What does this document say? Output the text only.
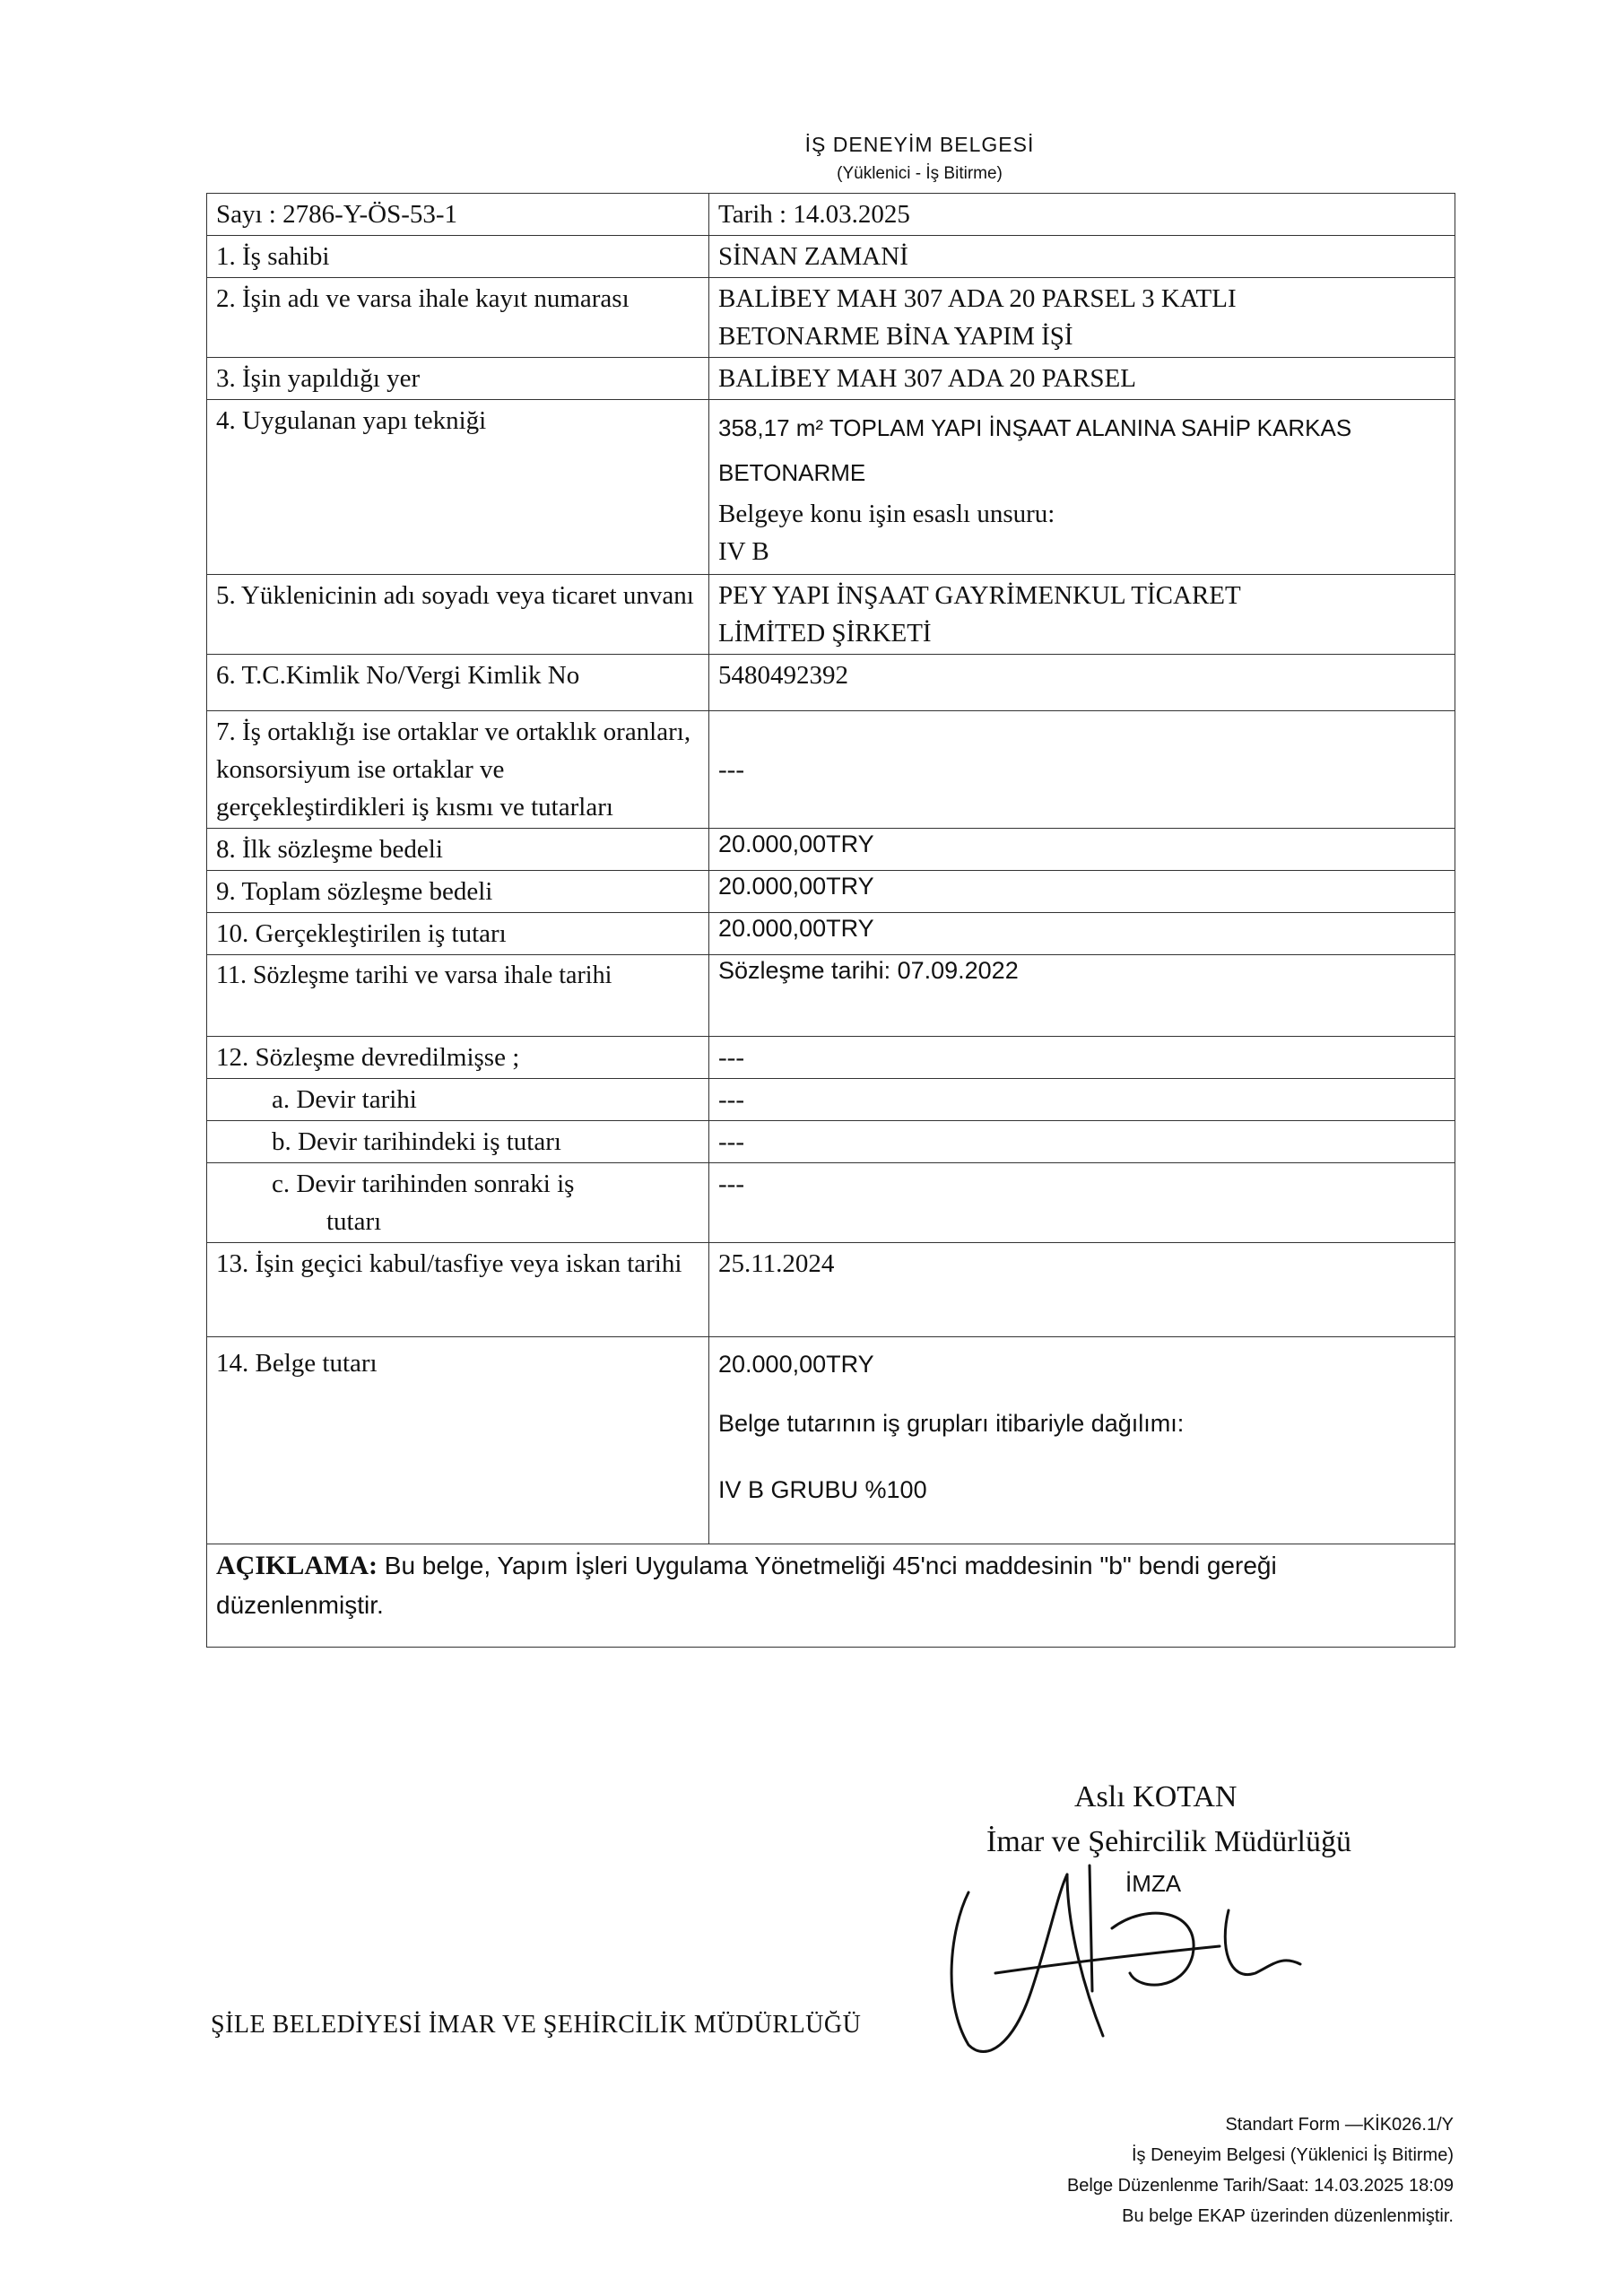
İŞ DENEYİM BELGESİ
(Yüklenici - İş Bitirme)
Sayı : 2786-Y-ÖS-53-1	Tarih : 14.03.2025
1. İş sahibi	SİNAN ZAMANİ
2. İşin adı ve varsa ihale kayıt numarası	BALİBEY MAH 307 ADA 20 PARSEL 3 KATLI BETONARME BİNA YAPIM İŞİ
3. İşin yapıldığı yer	BALİBEY MAH 307 ADA 20 PARSEL
4. Uygulanan yapı tekniği	358,17 m² TOPLAM YAPI İNŞAAT ALANINA SAHİP KARKAS BETONARME
Belgeye konu işin esaslı unsuru:
IV B

5. Yüklenicinin adı soyadı veya ticaret unvanı	PEY YAPI İNŞAAT GAYRİMENKUL TİCARET LİMİTED ŞİRKETİ
6. T.C.Kimlik No/Vergi Kimlik No	5480492392
7. İş ortaklığı ise ortaklar ve ortaklık oranları, konsorsiyum ise ortaklar ve gerçekleştirdikleri iş kısmı ve tutarları	---
8. İlk sözleşme bedeli	20.000,00TRY
9. Toplam sözleşme bedeli	20.000,00TRY
10. Gerçekleştirilen iş tutarı	20.000,00TRY
11. Sözleşme tarihi ve varsa ihale tarihi	Sözleşme tarihi: 07.09.2022
12. Sözleşme devredilmişse ;	---

a. Devir tarihi	---

b. Devir tarihindeki iş tutarı	---

c. Devir tarihinden sonraki iş
tutarı	---
13. İşin geçici kabul/tasfiye veya iskan tarihi	25.11.2024
14. Belge tutarı	20.000,00TRY
Belge tutarının iş grupları itibariyle dağılımı:
IV B GRUBU %100

AÇIKLAMA: Bu belge, Yapım İşleri Uygulama Yönetmeliği 45'nci maddesinin "b" bendi gereği düzenlenmiştir.	
Aslı KOTAN
İmar ve Şehircilik Müdürlüğü
İMZA
ŞİLE BELEDİYESİ İMAR VE ŞEHİRCİLİK MÜDÜRLÜĞÜ
Standart Form —KİK026.1/Y
İş Deneyim Belgesi (Yüklenici İş Bitirme)
Belge Düzenlenme Tarih/Saat: 14.03.2025 18:09
Bu belge EKAP üzerinden düzenlenmiştir.
